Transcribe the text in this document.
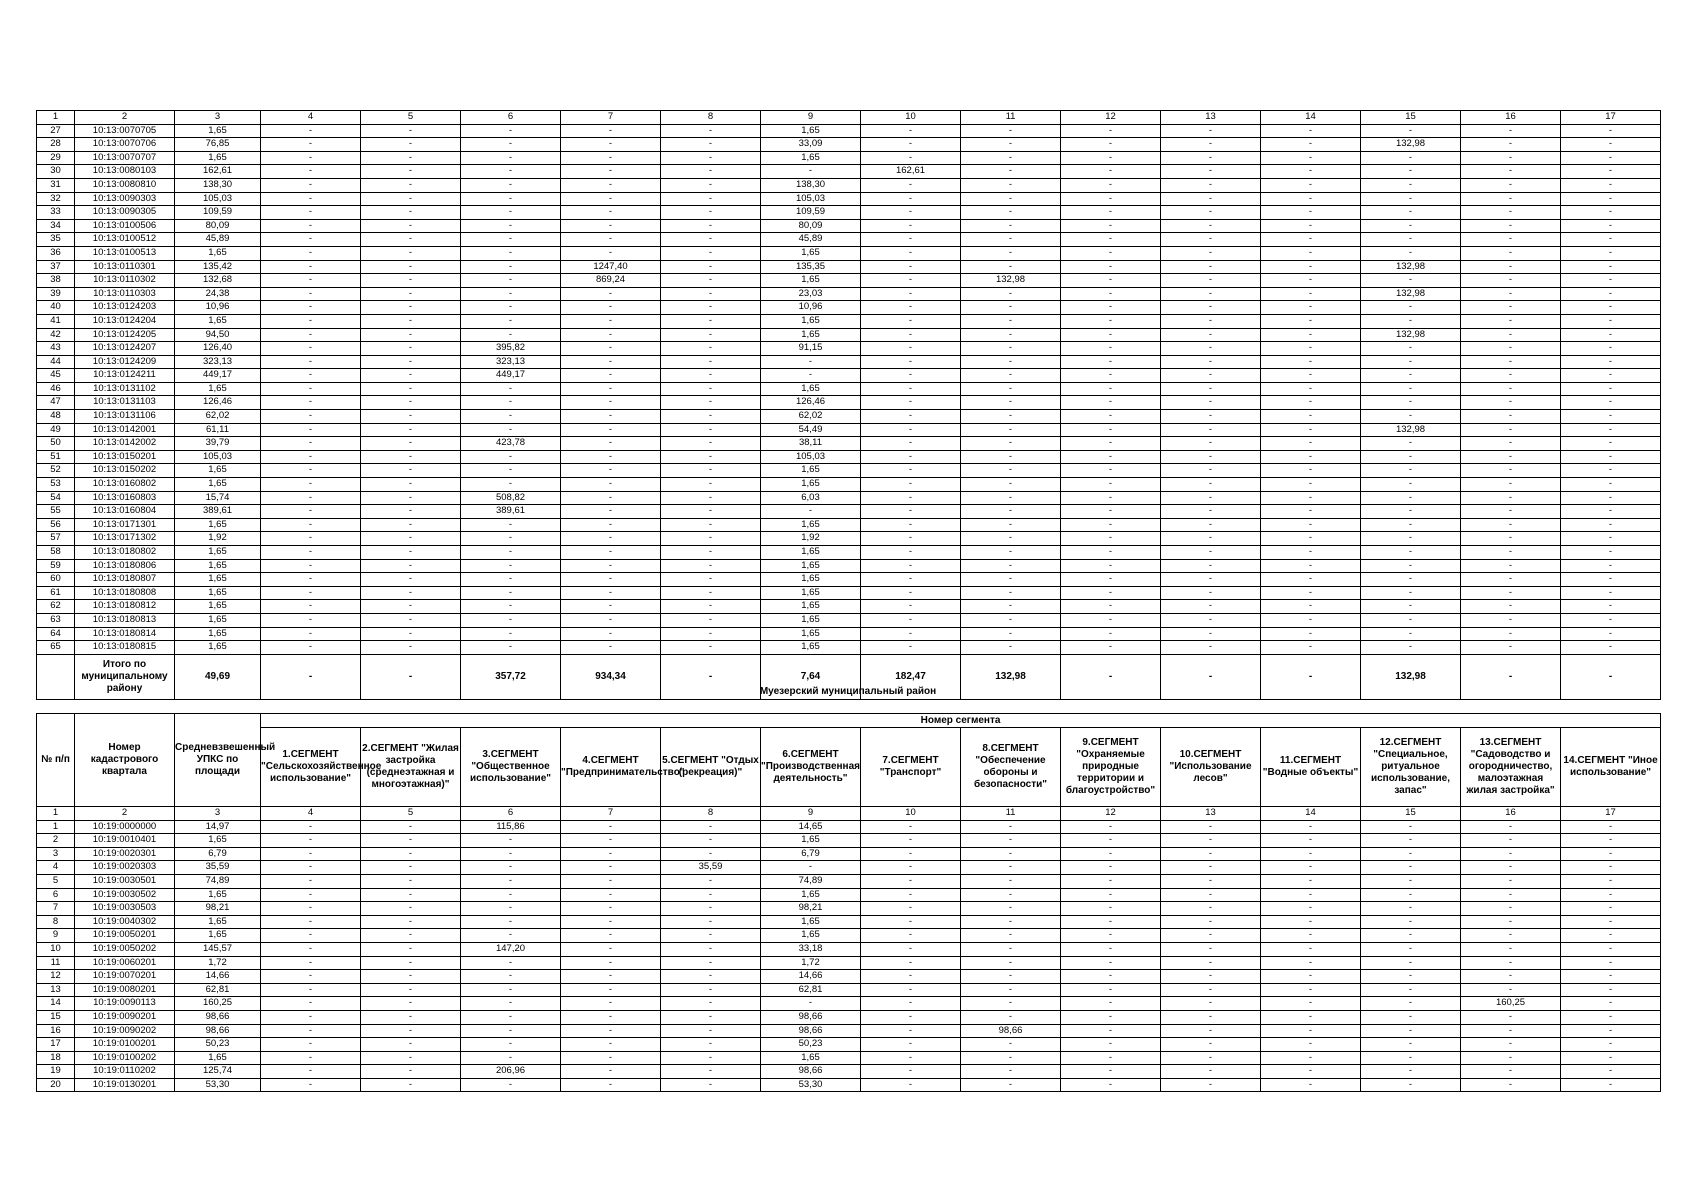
1	2	3	4	5	6	7	8	9	10	11	12	13	14	15	16	17
27	10:13:0070705	1,65	-	-	-	-	-	1,65	-	-	-	-	-	-	-	-
28	10:13:0070706	76,85	-	-	-	-	-	33,09	-	-	-	-	-	132,98	-	-
29	10:13:0070707	1,65	-	-	-	-	-	1,65	-	-	-	-	-	-	-	-
30	10:13:0080103	162,61	-	-	-	-	-	-	162,61	-	-	-	-	-	-	-
31	10:13:0080810	138,30	-	-	-	-	-	138,30	-	-	-	-	-	-	-	-
32	10:13:0090303	105,03	-	-	-	-	-	105,03	-	-	-	-	-	-	-	-
33	10:13:0090305	109,59	-	-	-	-	-	109,59	-	-	-	-	-	-	-	-
34	10:13:0100506	80,09	-	-	-	-	-	80,09	-	-	-	-	-	-	-	-
35	10:13:0100512	45,89	-	-	-	-	-	45,89	-	-	-	-	-	-	-	-
36	10:13:0100513	1,65	-	-	-	-	-	1,65	-	-	-	-	-	-	-	-
37	10:13:0110301	135,42	-	-	-	1247,40	-	135,35	-	-	-	-	-	132,98	-	-
38	10:13:0110302	132,68	-	-	-	869,24	-	1,65	-	132,98	-	-	-	-	-	-
39	10:13:0110303	24,38	-	-	-	-	-	23,03	-	-	-	-	-	132,98	-	-
40	10:13:0124203	10,96	-	-	-	-	-	10,96	-	-	-	-	-	-	-	-
41	10:13:0124204	1,65	-	-	-	-	-	1,65	-	-	-	-	-	-	-	-
42	10:13:0124205	94,50	-	-	-	-	-	1,65	-	-	-	-	-	132,98	-	-
43	10:13:0124207	126,40	-	-	395,82	-	-	91,15	-	-	-	-	-	-	-	-
44	10:13:0124209	323,13	-	-	323,13	-	-	-	-	-	-	-	-	-	-	-
45	10:13:0124211	449,17	-	-	449,17	-	-	-	-	-	-	-	-	-	-	-
46	10:13:0131102	1,65	-	-	-	-	-	1,65	-	-	-	-	-	-	-	-
47	10:13:0131103	126,46	-	-	-	-	-	126,46	-	-	-	-	-	-	-	-
48	10:13:0131106	62,02	-	-	-	-	-	62,02	-	-	-	-	-	-	-	-
49	10:13:0142001	61,11	-	-	-	-	-	54,49	-	-	-	-	-	132,98	-	-
50	10:13:0142002	39,79	-	-	423,78	-	-	38,11	-	-	-	-	-	-	-	-
51	10:13:0150201	105,03	-	-	-	-	-	105,03	-	-	-	-	-	-	-	-
52	10:13:0150202	1,65	-	-	-	-	-	1,65	-	-	-	-	-	-	-	-
53	10:13:0160802	1,65	-	-	-	-	-	1,65	-	-	-	-	-	-	-	-
54	10:13:0160803	15,74	-	-	508,82	-	-	6,03	-	-	-	-	-	-	-	-
55	10:13:0160804	389,61	-	-	389,61	-	-	-	-	-	-	-	-	-	-	-
56	10:13:0171301	1,65	-	-	-	-	-	1,65	-	-	-	-	-	-	-	-
57	10:13:0171302	1,92	-	-	-	-	-	1,92	-	-	-	-	-	-	-	-
58	10:13:0180802	1,65	-	-	-	-	-	1,65	-	-	-	-	-	-	-	-
59	10:13:0180806	1,65	-	-	-	-	-	1,65	-	-	-	-	-	-	-	-
60	10:13:0180807	1,65	-	-	-	-	-	1,65	-	-	-	-	-	-	-	-
61	10:13:0180808	1,65	-	-	-	-	-	1,65	-	-	-	-	-	-	-	-
62	10:13:0180812	1,65	-	-	-	-	-	1,65	-	-	-	-	-	-	-	-
63	10:13:0180813	1,65	-	-	-	-	-	1,65	-	-	-	-	-	-	-	-
64	10:13:0180814	1,65	-	-	-	-	-	1,65	-	-	-	-	-	-	-	-
65	10:13:0180815	1,65	-	-	-	-	-	1,65	-	-	-	-	-	-	-	-
	Итого по муниципальному району	49,69	-	-	357,72	934,34	-	7,64	182,47	132,98	-	-	-	132,98	-	-
Муезерский муниципальный район
№ п/п	Номер кадастрового квартала	Средневзвешенный УПКС по площади	Номер сегмента													
			1.СЕГМЕНТ "Сельскохозяйственное использование"	2.СЕГМЕНТ "Жилая застройка (среднеэтажная и многоэтажная)"	3.СЕГМЕНТ "Общественное использование"	4.СЕГМЕНТ "Предпринимательство"	5.СЕГМЕНТ "Отдых (рекреация)"	6.СЕГМЕНТ "Производственная деятельность"	7.СЕГМЕНТ "Транспорт"	8.СЕГМЕНТ "Обеспечение обороны и безопасности"	9.СЕГМЕНТ "Охраняемые природные территории и благоустройство"	10.СЕГМЕНТ "Использование лесов"	11.СЕГМЕНТ "Водные объекты"	12.СЕГМЕНТ "Специальное, ритуальное использование, запас"	13.СЕГМЕНТ "Садоводство и огородничество, малоэтажная жилая застройка"	14.СЕГМЕНТ "Иное использование"
1	2	3	4	5	6	7	8	9	10	11	12	13	14	15	16	17
1	10:19:0000000	14,97	-	-	115,86	-	-	14,65	-	-	-	-	-	-	-	-
2	10:19:0010401	1,65	-	-	-	-	-	1,65	-	-	-	-	-	-	-	-
3	10:19:0020301	6,79	-	-	-	-	-	6,79	-	-	-	-	-	-	-	-
4	10:19:0020303	35,59	-	-	-	-	35,59	-	-	-	-	-	-	-	-	-
5	10:19:0030501	74,89	-	-	-	-	-	74,89	-	-	-	-	-	-	-	-
6	10:19:0030502	1,65	-	-	-	-	-	1,65	-	-	-	-	-	-	-	-
7	10:19:0030503	98,21	-	-	-	-	-	98,21	-	-	-	-	-	-	-	-
8	10:19:0040302	1,65	-	-	-	-	-	1,65	-	-	-	-	-	-	-	-
9	10:19:0050201	1,65	-	-	-	-	-	1,65	-	-	-	-	-	-	-	-
10	10:19:0050202	145,57	-	-	147,20	-	-	33,18	-	-	-	-	-	-	-	-
11	10:19:0060201	1,72	-	-	-	-	-	1,72	-	-	-	-	-	-	-	-
12	10:19:0070201	14,66	-	-	-	-	-	14,66	-	-	-	-	-	-	-	-
13	10:19:0080201	62,81	-	-	-	-	-	62,81	-	-	-	-	-	-	-	-
14	10:19:0090113	160,25	-	-	-	-	-	-	-	-	-	-	-	-	160,25	-
15	10:19:0090201	98,66	-	-	-	-	-	98,66	-	-	-	-	-	-	-	-
16	10:19:0090202	98,66	-	-	-	-	-	98,66	-	98,66	-	-	-	-	-	-
17	10:19:0100201	50,23	-	-	-	-	-	50,23	-	-	-	-	-	-	-	-
18	10:19:0100202	1,65	-	-	-	-	-	1,65	-	-	-	-	-	-	-	-
19	10:19:0110202	125,74	-	-	206,96	-	-	98,66	-	-	-	-	-	-	-	-
20	10:19:0130201	53,30	-	-	-	-	-	53,30	-	-	-	-	-	-	-	-
